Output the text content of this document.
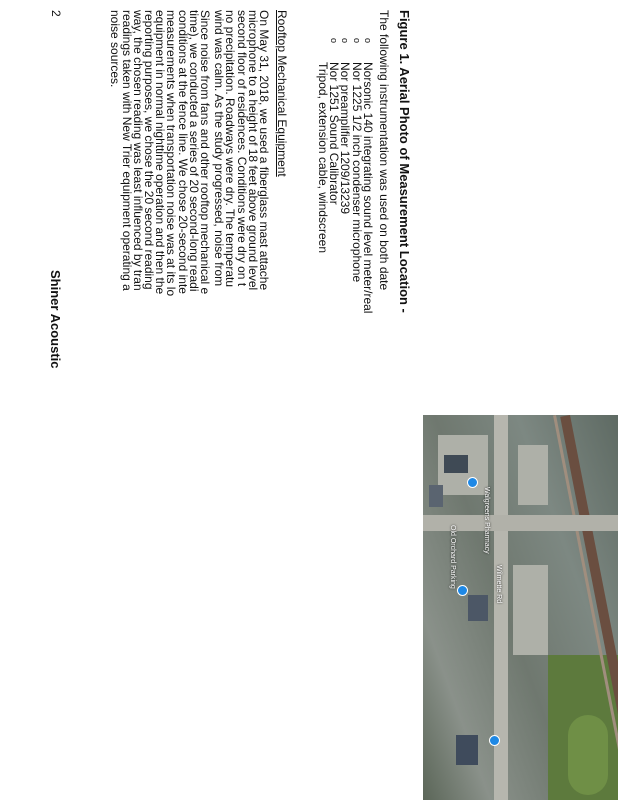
Walgreens Pharmacy
Wilmette Rd
Old Orchard Parking
Figure 1. Aerial Photo of Measurement Location -
The following instrumentation was used on both date
o
Norsonic 140 integrating sound level meter/real
o
Nor 1225 1/2 inch condenser microphone
o
Nor preamplifier 1209/13239
o
Nor 1251 Sound Calibrator
Tripod, extension cable, windscreen
Rooftop Mechanical Equipment
On May 31, 2018, we used a fiberglass mast attache
microphone to a height of 18 feet above ground level
second floor of residences. Conditions were dry on t
no precipitation. Roadways were dry. The temperatu
wind was calm. As the study progressed, noise from
Since noise from fans and other rooftop mechanical e
time), we conducted a series of 20 second-long readi
conditions at the fence line. We chose 20-second inte
measurements when transportation noise was at its lo
equipment in normal nighttime operation and then the
reporting purposes, we chose the 20 second reading
way, the chosen reading was least influenced by tran
readings taken with New Trier equipment operating a
noise sources.
2
Shiner Acoustic
